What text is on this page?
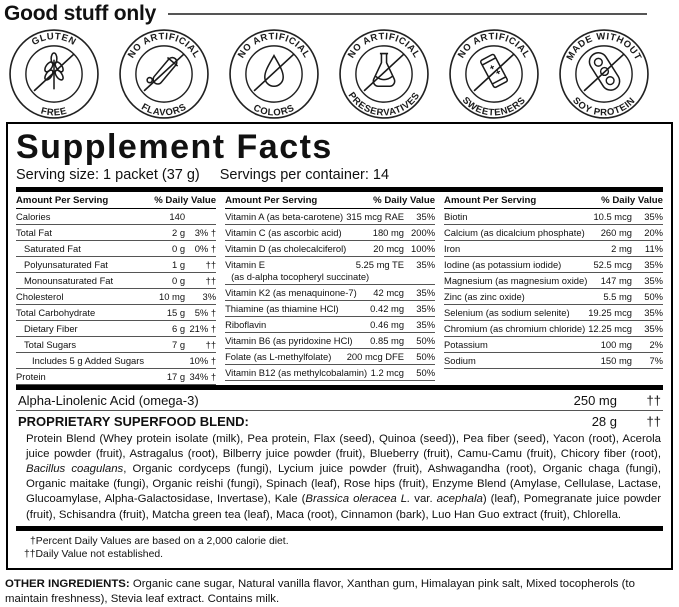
Good stuff only
GLUTEN
FREE
NO ARTIFICIAL
FLAVORS
NO ARTIFICIAL
COLORS
NO ARTIFICIAL
PRESERVATIVES
NO ARTIFICIAL
SWEETENERS
MADE WITHOUT
SOY PROTEIN
Supplement Facts
Serving size: 1 packet (37 g) Servings per container: 14
Amount Per Serving	% Daily Value
Calories	140
Total Fat	2 g	3% †
Saturated Fat	0 g	0% †
Polyunsaturated Fat	1 g	††
Monounsaturated Fat	0 g	††
Cholesterol	10 mg	3%
Total Carbohydrate	15 g	5% †
Dietary Fiber	6 g 21% †
Total Sugars	7 g	††
Includes 5 g Added Sugars	10% †
Protein	17 g 34% †
Amount Per Serving	% Daily Value
Vitamin A (as beta-carotene) 315 mcg RAE	35%
Vitamin C (as ascorbic acid)	180 mg 200%
Vitamin D (as cholecalciferol)	20 mcg 100%
Vitamin E	5.25 mg TE	35%
(as d-alpha tocopheryl succinate)
Vitamin K2 (as menaquinone-7)	42 mcg	35%
Thiamine (as thiamine HCl)	0.42 mg	35%
Riboflavin	0.46 mg	35%
Vitamin B6 (as pyridoxine HCl)	0.85 mg	50%
Folate (as L-methylfolate)	200 mcg DFE	50%
Vitamin B12 (as methylcobalamin) 1.2 mcg	50%
Amount Per Serving	% Daily Value
Biotin	10.5 mcg	35%
Calcium (as dicalcium phosphate)	260 mg	20%
Iron	2 mg	11%
Iodine (as potassium iodide)	52.5 mcg	35%
Magnesium (as magnesium oxide)	147 mg	35%
Zinc (as zinc oxide)	5.5 mg	50%
Selenium (as sodium selenite)	19.25 mcg	35%
Chromium (as chromium chloride) 12.25 mcg	35%
Potassium	100 mg	2%
Sodium	150 mg	7%
Alpha-Linolenic Acid (omega-3)	250 mg ††
PROPRIETARY SUPERFOOD BLEND:	28 g ††
Protein Blend (Whey protein isolate (milk), Pea protein, Flax (seed), Quinoa (seed)), Pea fiber (seed), Yacon (root), Acerola juice powder (fruit), Astragalus (root), Bilberry juice powder (fruit), Blueberry (fruit), Camu-Camu (fruit), Chicory fiber (root), Bacillus coagulans, Organic cordyceps (fungi), Lycium juice powder (fruit), Ashwagandha (root), Organic chaga (fungi), Organic maitake (fungi), Organic reishi (fungi), Spinach (leaf), Rose hips (fruit), Enzyme Blend (Amylase, Cellulase, Lactase, Glucoamylase, Alpha-Galactosidase, Invertase), Kale (Brassica oleracea L. var. acephala) (leaf), Pomegranate juice powder (fruit), Schisandra (fruit), Matcha green tea (leaf), Maca (root), Cinnamon (bark), Luo Han Guo extract (fruit), Chlorella.
†Percent Daily Values are based on a 2,000 calorie diet.
††Daily Value not established.
OTHER INGREDIENTS: Organic cane sugar, Natural vanilla flavor, Xanthan gum, Himalayan pink salt, Mixed tocopherols (to maintain freshness), Stevia leaf extract. Contains milk.
